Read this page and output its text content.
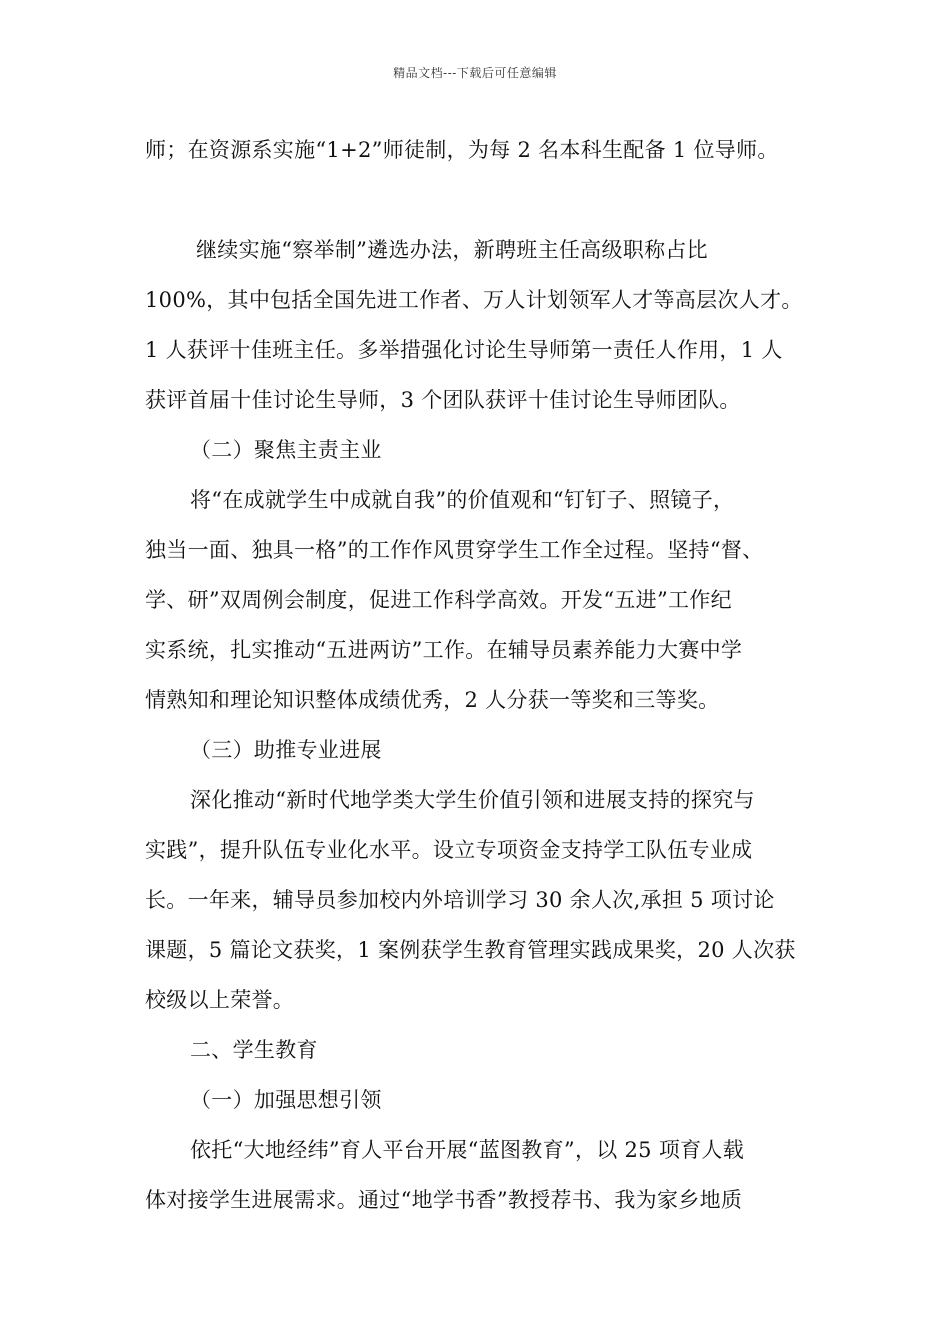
精品文档---下载后可任意编辑
师；在资源系实施“1+2”师徒制，为每 2 名本科生配备 1 位导师。
继续实施“察举制”遴选办法，新聘班主任高级职称占比
100%，其中包括全国先进工作者、万人计划领军人才等高层次人才。
1 人获评十佳班主任。多举措强化讨论生导师第一责任人作用，1 人
获评首届十佳讨论生导师，3 个团队获评十佳讨论生导师团队。
（二）聚焦主责主业
将“在成就学生中成就自我”的价值观和“钉钉子、照镜子，
独当一面、独具一格”的工作作风贯穿学生工作全过程。坚持“督、
学、研”双周例会制度，促进工作科学高效。开发“五进”工作纪
实系统，扎实推动“五进两访”工作。在辅导员素养能力大赛中学
情熟知和理论知识整体成绩优秀，2 人分获一等奖和三等奖。
（三）助推专业进展
深化推动“新时代地学类大学生价值引领和进展支持的探究与
实践”，提升队伍专业化水平。设立专项资金支持学工队伍专业成
长。一年来，辅导员参加校内外培训学习 30 余人次,承担 5 项讨论
课题，5 篇论文获奖，1 案例获学生教育管理实践成果奖，20 人次获
校级以上荣誉。
二、学生教育
（一）加强思想引领
依托“大地经纬”育人平台开展“蓝图教育”，以 25 项育人载
体对接学生进展需求。通过“地学书香”教授荐书、我为家乡地质
